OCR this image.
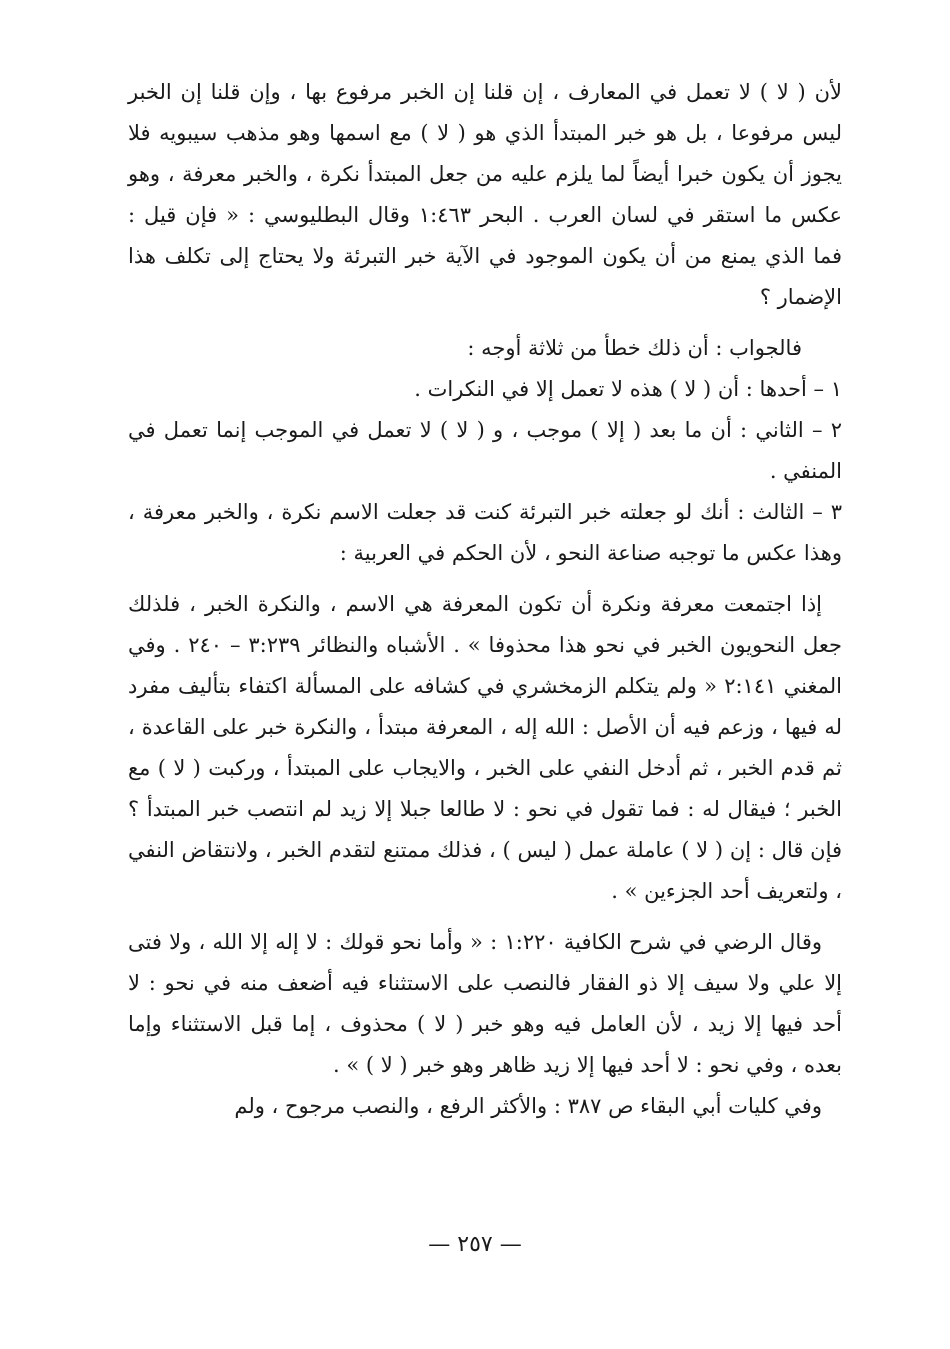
لأن ( لا ) لا تعمل في المعارف ، إن قلنا إن الخبر مرفوع بها ، وإن قلنا إن الخبر ليس مرفوعا ، بل هو خبر المبتدأ الذي هو ( لا ) مع اسمها وهو مذهب سيبويه فلا يجوز أن يكون خبرا أيضاً لما يلزم عليه من جعل المبتدأ نكرة ، والخبر معرفة ، وهو عكس ما استقر في لسان العرب . البحر ١:٤٦٣ وقال البطليوسي : « فإن قيل : فما الذي يمنع من أن يكون الموجود في الآية خبر التبرئة ولا يحتاج إلى تكلف هذا الإضمار ؟

فالجواب : أن ذلك خطأ من ثلاثة أوجه :

١ – أحدها : أن ( لا ) هذه لا تعمل إلا في النكرات .

٢ – الثاني : أن ما بعد ( إلا ) موجب ، و ( لا ) لا تعمل في الموجب إنما تعمل في المنفي .

٣ – الثالث : أنك لو جعلته خبر التبرئة كنت قد جعلت الاسم نكرة ، والخبر معرفة ، وهذا عكس ما توجبه صناعة النحو ، لأن الحكم في العربية :

إذا اجتمعت معرفة ونكرة أن تكون المعرفة هي الاسم ، والنكرة الخبر ، فلذلك جعل النحويون الخبر في نحو هذا محذوفا » . الأشباه والنظائر ٣:٢٣٩ – ٢٤٠ . وفي المغني ٢:١٤١ « ولم يتكلم الزمخشري في كشافه على المسألة اكتفاء بتأليف مفرد له فيها ، وزعم فيه أن الأصل : الله إله ، المعرفة مبتدأ ، والنكرة خبر على القاعدة ، ثم قدم الخبر ، ثم أدخل النفي على الخبر ، والايجاب على المبتدأ ، وركبت ( لا ) مع الخبر ؛ فيقال له : فما تقول في نحو : لا طالعا جبلا إلا زيد لم انتصب خبر المبتدأ ؟ فإن قال : إن ( لا ) عاملة عمل ( ليس ) ، فذلك ممتنع لتقدم الخبر ، ولانتقاض النفي ، ولتعريف أحد الجزءين » .

وقال الرضي في شرح الكافية ١:٢٢٠ : « وأما نحو قولك : لا إله إلا الله ، ولا فتى إلا علي ولا سيف إلا ذو الفقار فالنصب على الاستثناء فيه أضعف منه في نحو : لا أحد فيها إلا زيد ، لأن العامل فيه وهو خبر ( لا ) محذوف ، إما قبل الاستثناء وإما بعده ، وفي نحو : لا أحد فيها إلا زيد ظاهر وهو خبر ( لا ) » .

وفي كليات أبي البقاء ص ٣٨٧ : والأكثر الرفع ، والنصب مرجوح ، ولم

— ٢٥٧ —
